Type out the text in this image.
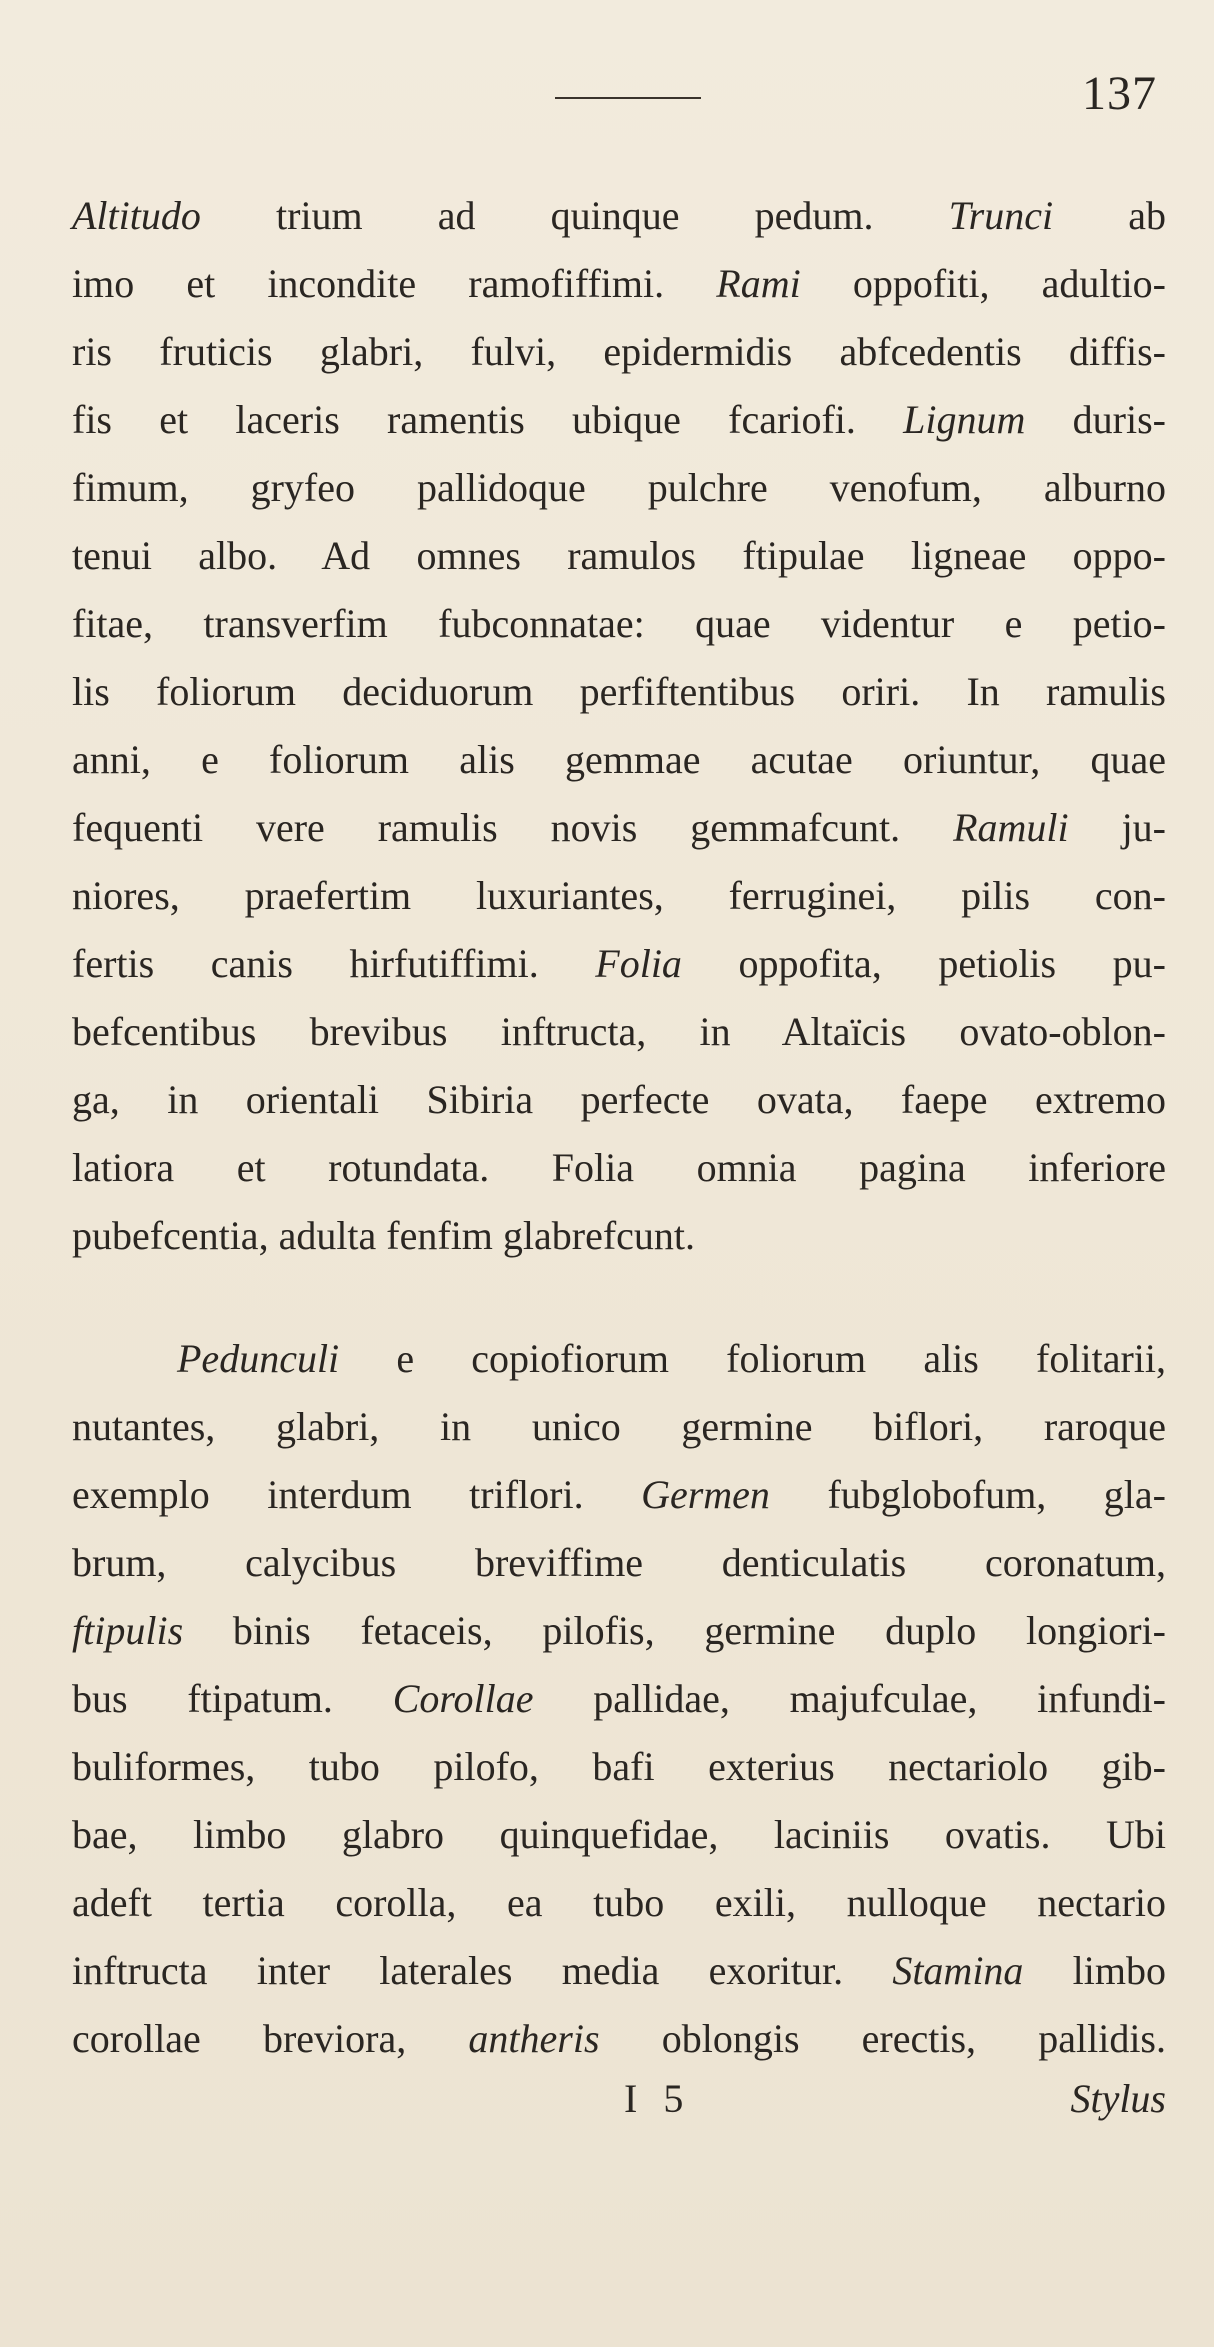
137
Altitudo trium ad quinque pedum. Trunci ab
imo et incondite ramofiffimi. Rami oppofiti, adultio-
ris fruticis glabri, fulvi, epidermidis abfcedentis diffis-
fis et laceris ramentis ubique fcariofi. Lignum duris-
fimum, gryfeo pallidoque pulchre venofum, alburno
tenui albo. Ad omnes ramulos ftipulae ligneae oppo-
fitae, transverfim fubconnatae: quae videntur e petio-
lis foliorum deciduorum perfiftentibus oriri. In ramulis
anni, e foliorum alis gemmae acutae oriuntur, quae
fequenti vere ramulis novis gemmafcunt. Ramuli ju-
niores, praefertim luxuriantes, ferruginei, pilis con-
fertis canis hirfutiffimi. Folia oppofita, petiolis pu-
befcentibus brevibus inftructa, in Altaïcis ovato-oblon-
ga, in orientali Sibiria perfecte ovata, faepe extremo
latiora et rotundata. Folia omnia pagina inferiore
pubefcentia, adulta fenfim glabrefcunt.
Pedunculi e copiofiorum foliorum alis folitarii,
nutantes, glabri, in unico germine biflori, raroque
exemplo interdum triflori. Germen fubglobofum, gla-
brum, calycibus breviffime denticulatis coronatum,
ftipulis binis fetaceis, pilofis, germine duplo longiori-
bus ftipatum. Corollae pallidae, majufculae, infundi-
buliformes, tubo pilofo, bafi exterius nectariolo gib-
bae, limbo glabro quinquefidae, laciniis ovatis. Ubi
adeft tertia corolla, ea tubo exili, nulloque nectario
inftructa inter laterales media exoritur. Stamina limbo
corollae breviora, antheris oblongis erectis, pallidis.
I 5	Stylus
